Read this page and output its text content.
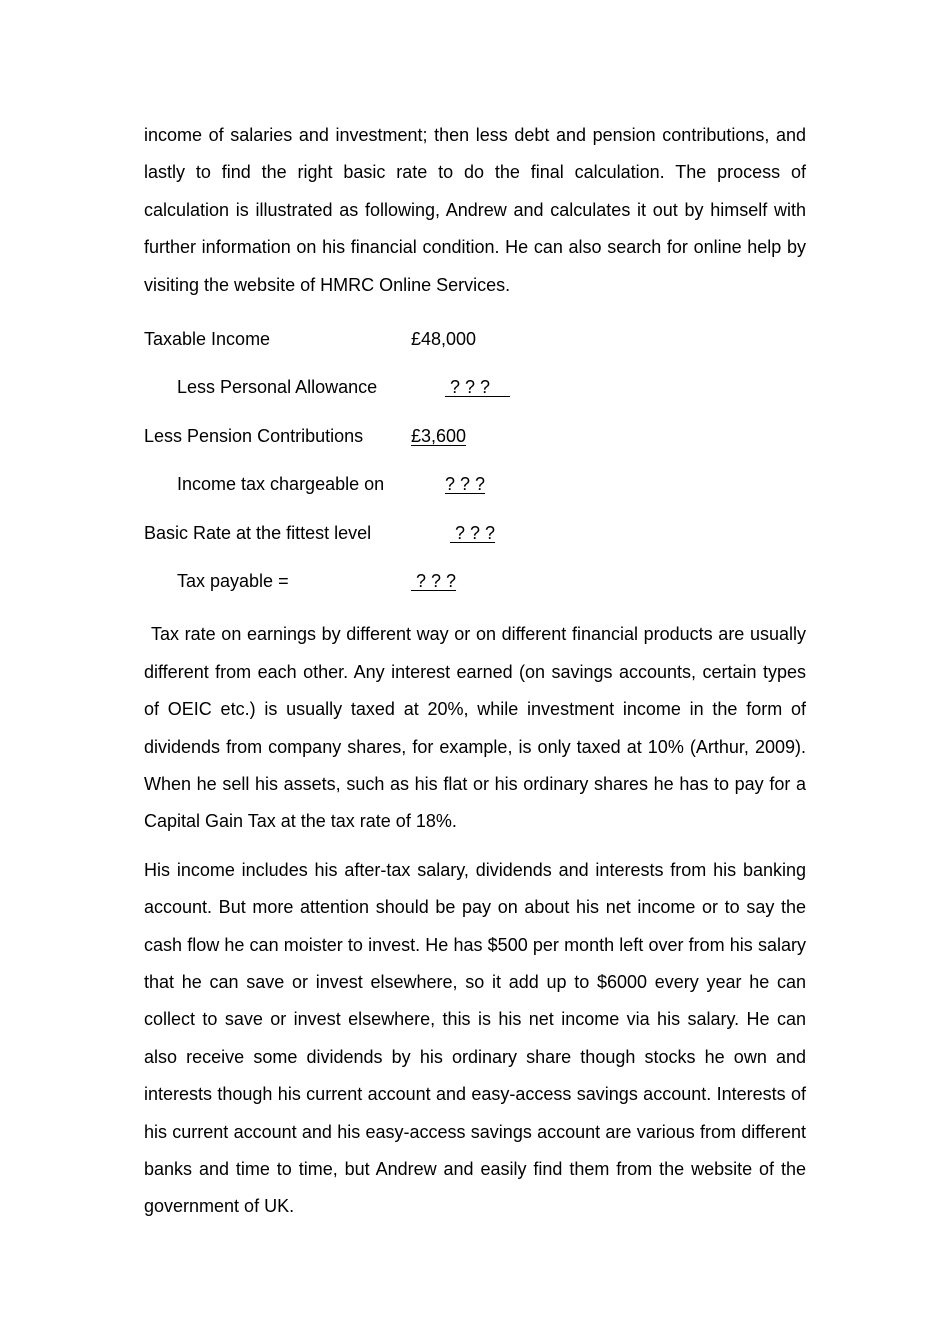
income of salaries and investment; then less debt and pension contributions, and lastly to find the right basic rate to do the final calculation. The process of calculation is illustrated as following, Andrew and calculates it out by himself with further information on his financial condition. He can also search for online help by visiting the website of HMRC Online Services.

Taxable Income	£48,000
Less Personal Allowance	? ? ?
Less Pension Contributions	£3,600
Income tax chargeable on	? ? ?
Basic Rate at the fittest level	? ? ?
Tax payable =	? ? ?

Tax rate on earnings by different way or on different financial products are usually different from each other. Any interest earned (on savings accounts, certain types of OEIC etc.) is usually taxed at 20%, while investment income in the form of dividends from company shares, for example, is only taxed at 10% (Arthur, 2009). When he sell his assets, such as his flat or his ordinary shares he has to pay for a Capital Gain Tax at the tax rate of 18%.

His income includes his after-tax salary, dividends and interests from his banking account. But more attention should be pay on about his net income or to say the cash flow he can moister to invest. He has $500 per month left over from his salary that he can save or invest elsewhere, so it add up to $6000 every year he can collect to save or invest elsewhere, this is his net income via his salary. He can also receive some dividends by his ordinary share though stocks he own and interests though his current account and easy-access savings account. Interests of his current account and his easy-access savings account are various from different banks and time to time, but Andrew and easily find them from the website of the government of UK.
